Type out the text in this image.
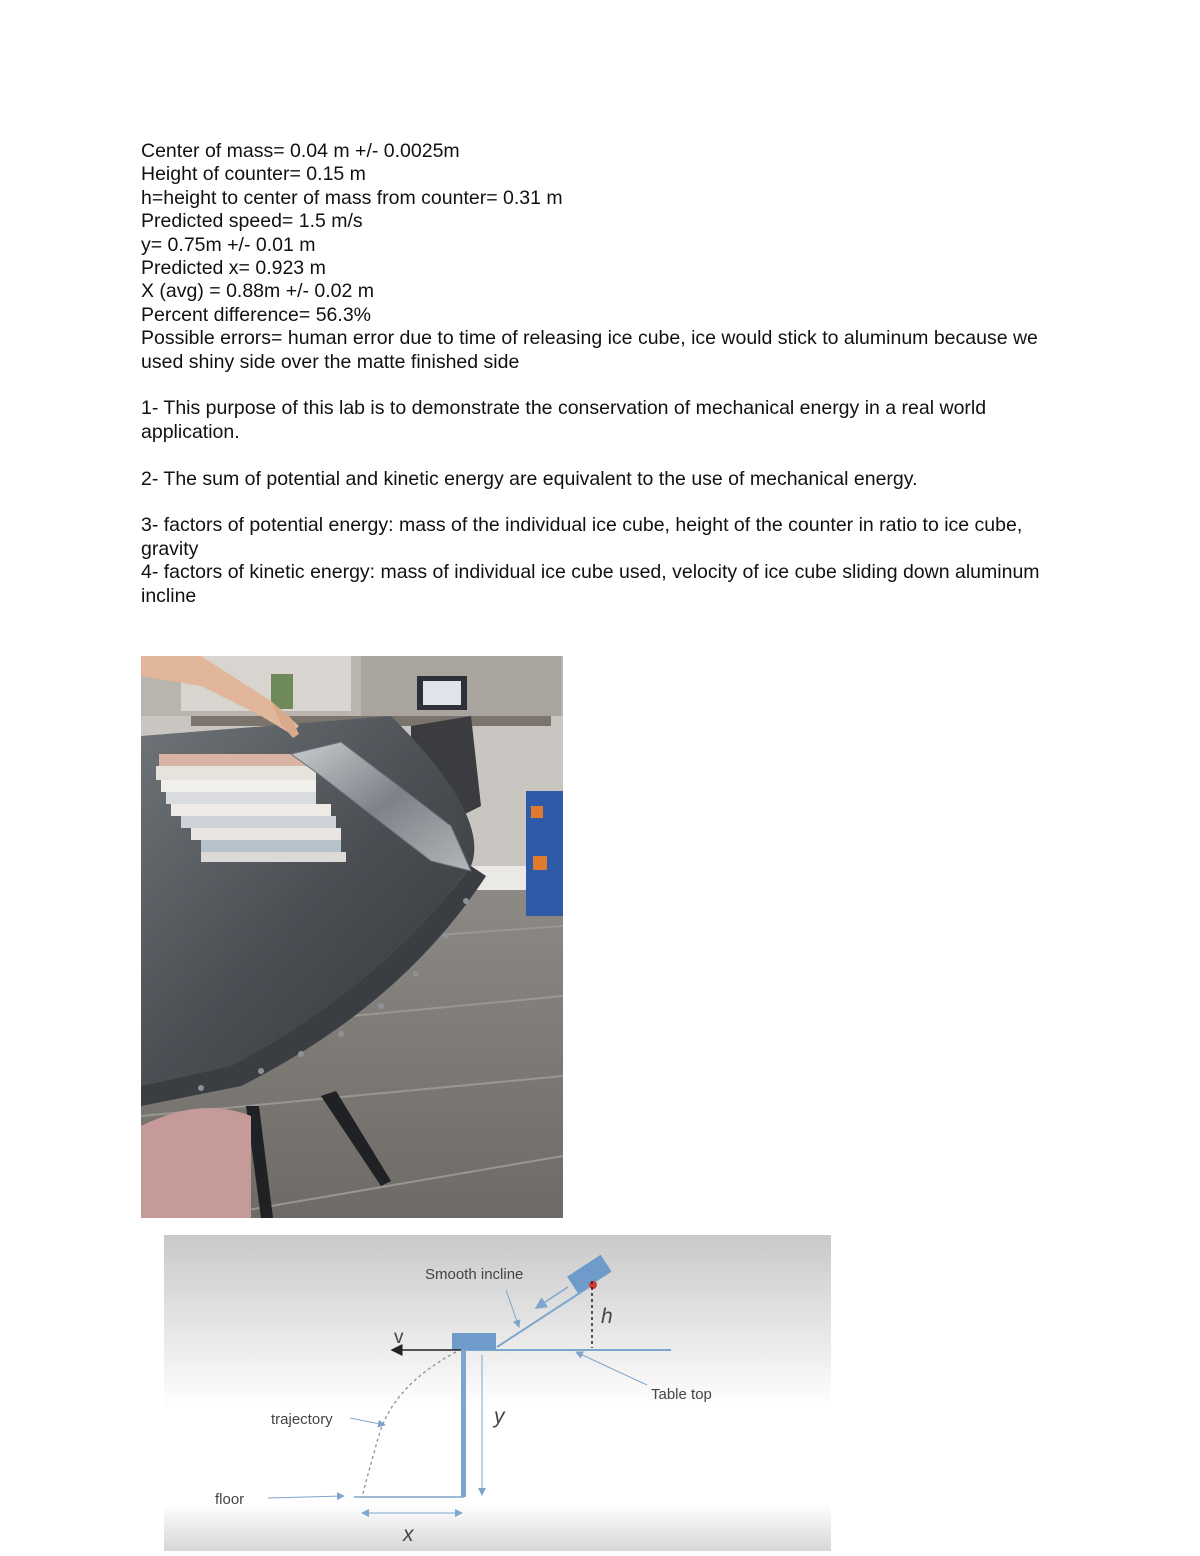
Center of mass= 0.04 m +/- 0.0025m

Height of counter= 0.15 m

h=height to center of mass from counter= 0.31 m

Predicted speed= 1.5 m/s

y= 0.75m +/- 0.01 m

Predicted x= 0.923 m

X (avg) = 0.88m +/- 0.02 m

Percent difference= 56.3%

Possible errors= human error due to time of releasing ice cube, ice would stick to aluminum because we used shiny side over the matte finished side

1- This purpose of this lab is to demonstrate the conservation of mechanical energy in a real world application.

2- The sum of potential and kinetic energy are equivalent to the use of mechanical energy.

3- factors of potential energy: mass of the individual ice cube, height of the counter in ratio to ice cube, gravity

4- factors of kinetic energy: mass of individual ice cube used, velocity of ice cube sliding down aluminum incline

Smooth incline
v
h
Table top
trajectory	y
floor
x
